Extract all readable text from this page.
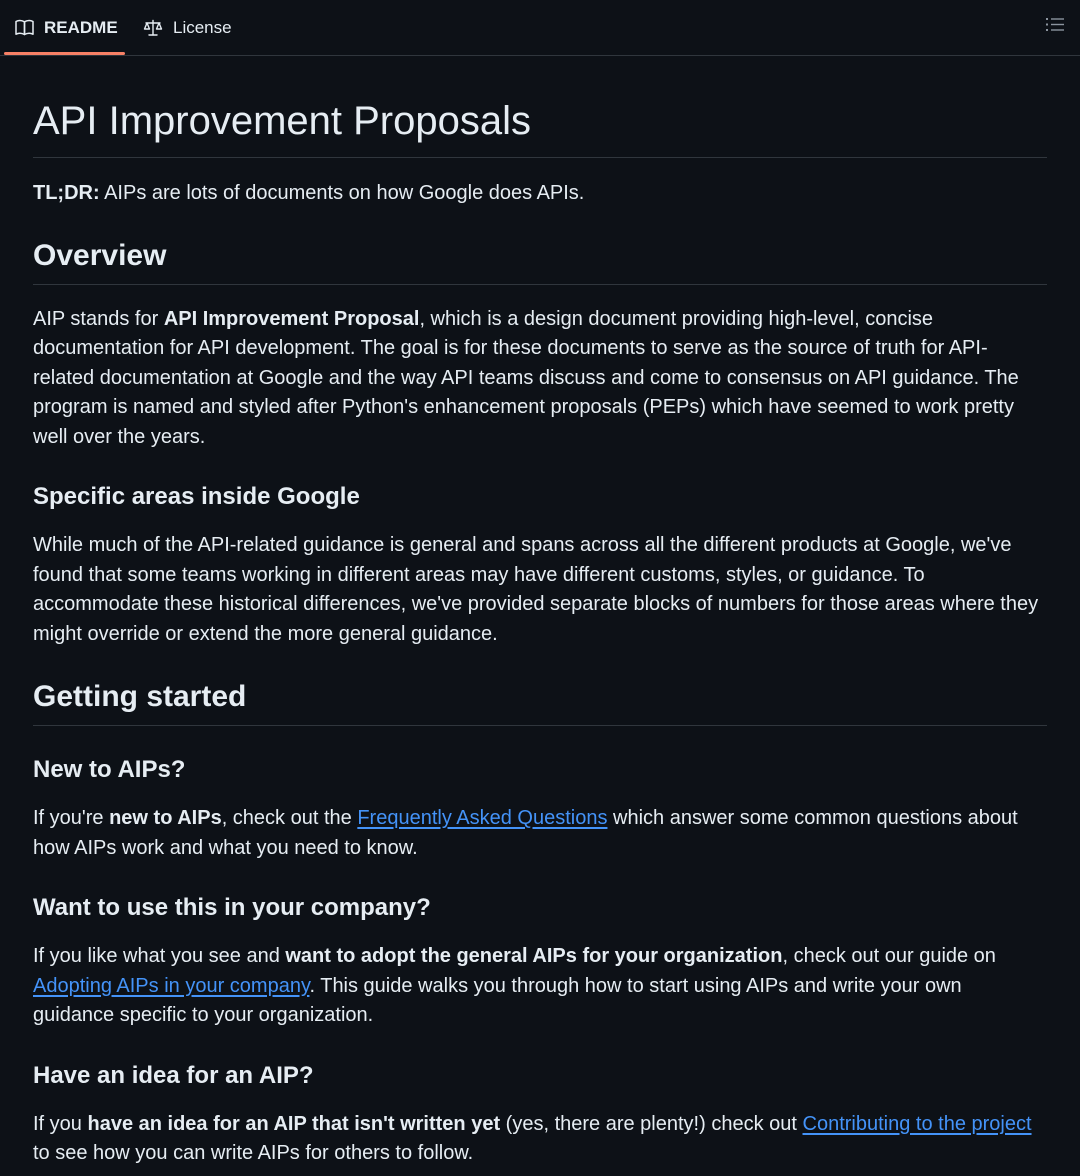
README	License
API Improvement Proposals

TL;DR: AIPs are lots of documents on how Google does APIs.

Overview

AIP stands for API Improvement Proposal, which is a design document providing high-level, concise documentation for API development. The goal is for these documents to serve as the source of truth for API-related documentation at Google and the way API teams discuss and come to consensus on API guidance. The program is named and styled after Python's enhancement proposals (PEPs) which have seemed to work pretty well over the years.

Specific areas inside Google

While much of the API-related guidance is general and spans across all the different products at Google, we've found that some teams working in different areas may have different customs, styles, or guidance. To accommodate these historical differences, we've provided separate blocks of numbers for those areas where they might override or extend the more general guidance.

Getting started
New to AIPs?

If you're new to AIPs, check out the Frequently Asked Questions which answer some common questions about how AIPs work and what you need to know.

Want to use this in your company?

If you like what you see and want to adopt the general AIPs for your organization, check out our guide on Adopting AIPs in your company. This guide walks you through how to start using AIPs and write your own guidance specific to your organization.

Have an idea for an AIP?

If you have an idea for an AIP that isn't written yet (yes, there are plenty!) check out Contributing to the project to see how you can write AIPs for others to follow.
